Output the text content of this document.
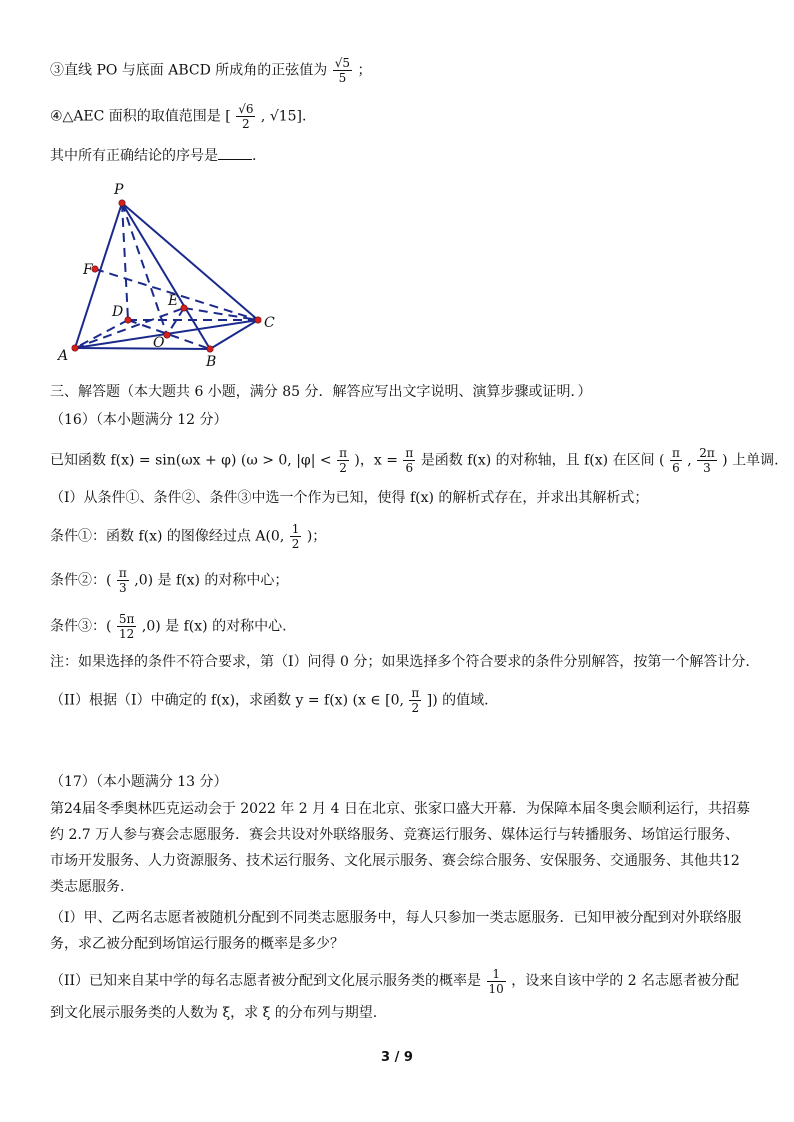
③直线 PO 与底面 ABCD 所成角的正弦值为 $\frac{√5}{5}$ ；
④△AEC 面积的取值范围是 [ $\frac{√6}{2}$ , √15].
其中所有正确结论的序号是 .
P
F
D
E
C
O
A	B
三、解答题（本大题共 6 小题，满分 85 分．解答应写出文字说明、演算步骤或证明．）
（16）（本小题满分 12 分）
已知函数 f(x) = sin(ωx + φ) (ω > 0, $|\varphi| < \frac{\pi}{2}$ )，$x = \frac{\pi}{6}$ 是函数 f(x) 的对称轴，且 f(x) 在区间 ( $\frac{\pi}{6}$ , $\frac{2\pi}{3}$ ) 上单调.
（I）从条件①、条件②、条件③中选一个作为已知，使得 f(x) 的解析式存在，并求出其解析式；
条件①：函数 f(x) 的图像经过点 A(0, $\frac{1}{2}$ )；
条件②：( $\frac{\pi}{3} ,0$) 是 f(x) 的对称中心；
条件③：( $\frac{5\pi}{12} ,0$) 是 f(x) 的对称中心.
注：如果选择的条件不符合要求，第（I）问得 0 分；如果选择多个符合要求的条件分别解答，按第一个解答计分.
（II）根据（I）中确定的 f(x)，求函数 y = f(x) (x ∈ [0, $\frac{\pi}{2}$ ]) 的值域.
（17）（本小题满分 13 分）
第24届冬季奥林匹克运动会于 2022 年 2 月 4 日在北京、张家口盛大开幕．为保障本届冬奥会顺利运行，共招募约 2.7 万人参与赛会志愿服务．赛会共设对外联络服务、竞赛运行服务、媒体运行与转播服务、场馆运行服务、市场开发服务、人力资源服务、技术运行服务、文化展示服务、赛会综合服务、安保服务、交通服务、其他共12类志愿服务.
（I）甲、乙两名志愿者被随机分配到不同类志愿服务中，每人只参加一类志愿服务．已知甲被分配到对外联络服务，求乙被分配到场馆运行服务的概率是多少？
（II）已知来自某中学的每名志愿者被分配到文化展示服务类的概率是 $\frac{1}{10}$ ，设来自该中学的 2 名志愿者被分配到文化展示服务类的人数为 ξ，求 ξ 的分布列与期望.
3 / 9
